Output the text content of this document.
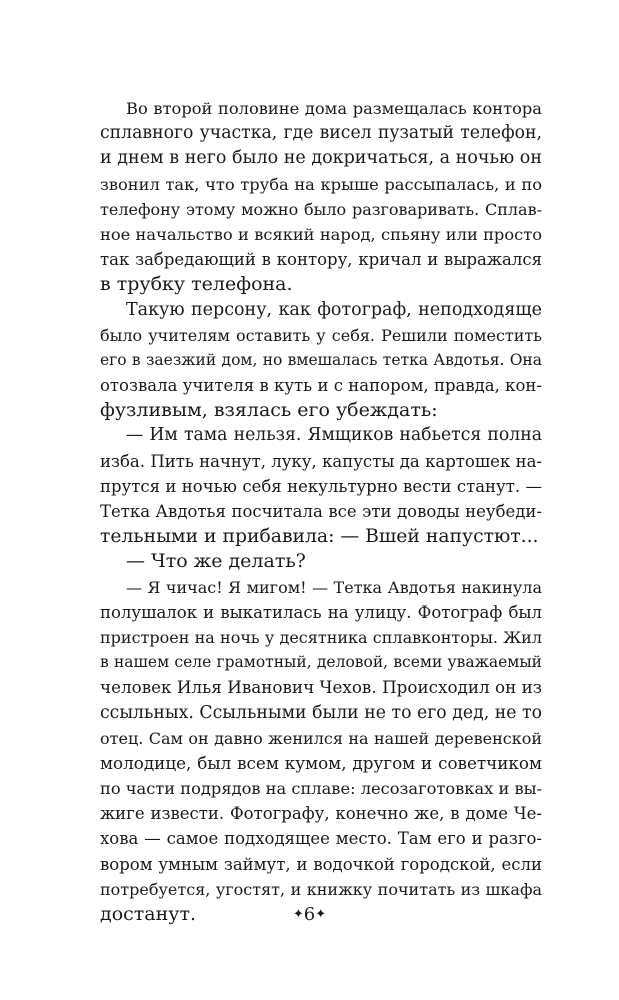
Во второй половине дома размещалась контора
сплавного участка, где висел пузатый телефон,
и днем в него было не докричаться, а ночью он
звонил так, что труба на крыше рассыпалась, и по
телефону этому можно было разговаривать. Сплав-
ное начальство и всякий народ, спьяну или просто
так забредающий в контору, кричал и выражался
в трубку телефона.
Такую персону, как фотограф, неподходяще
было учителям оставить у себя. Решили поместить
его в заезжий дом, но вмешалась тетка Авдотья. Она
отозвала учителя в куть и с напором, правда, кон-
фузливым, взялась его убеждать:
— Им тама нельзя. Ямщиков набьется полна
изба. Пить начнут, луку, капусты да картошек на-
прутся и ночью себя некультурно вести станут. —
Тетка Авдотья посчитала все эти доводы неубеди-
тельными и прибавила: — Вшей напустют...
— Что же делать?
— Я чичас! Я мигом! — Тетка Авдотья накинула
полушалок и выкатилась на улицу. Фотограф был
пристроен на ночь у десятника сплавконторы. Жил
в нашем селе грамотный, деловой, всеми уважаемый
человек Илья Иванович Чехов. Происходил он из
ссыльных. Ссыльными были не то его дед, не то
отец. Сам он давно женился на нашей деревенской
молодице, был всем кумом, другом и советчиком
по части подрядов на сплаве: лесозаготовках и вы-
жиге извести. Фотографу, конечно же, в доме Че-
хова — самое подходящее место. Там его и разго-
вором умным займут, и водочкой городской, если
потребуется, угостят, и книжку почитать из шкафа
достанут.	✦6✦
